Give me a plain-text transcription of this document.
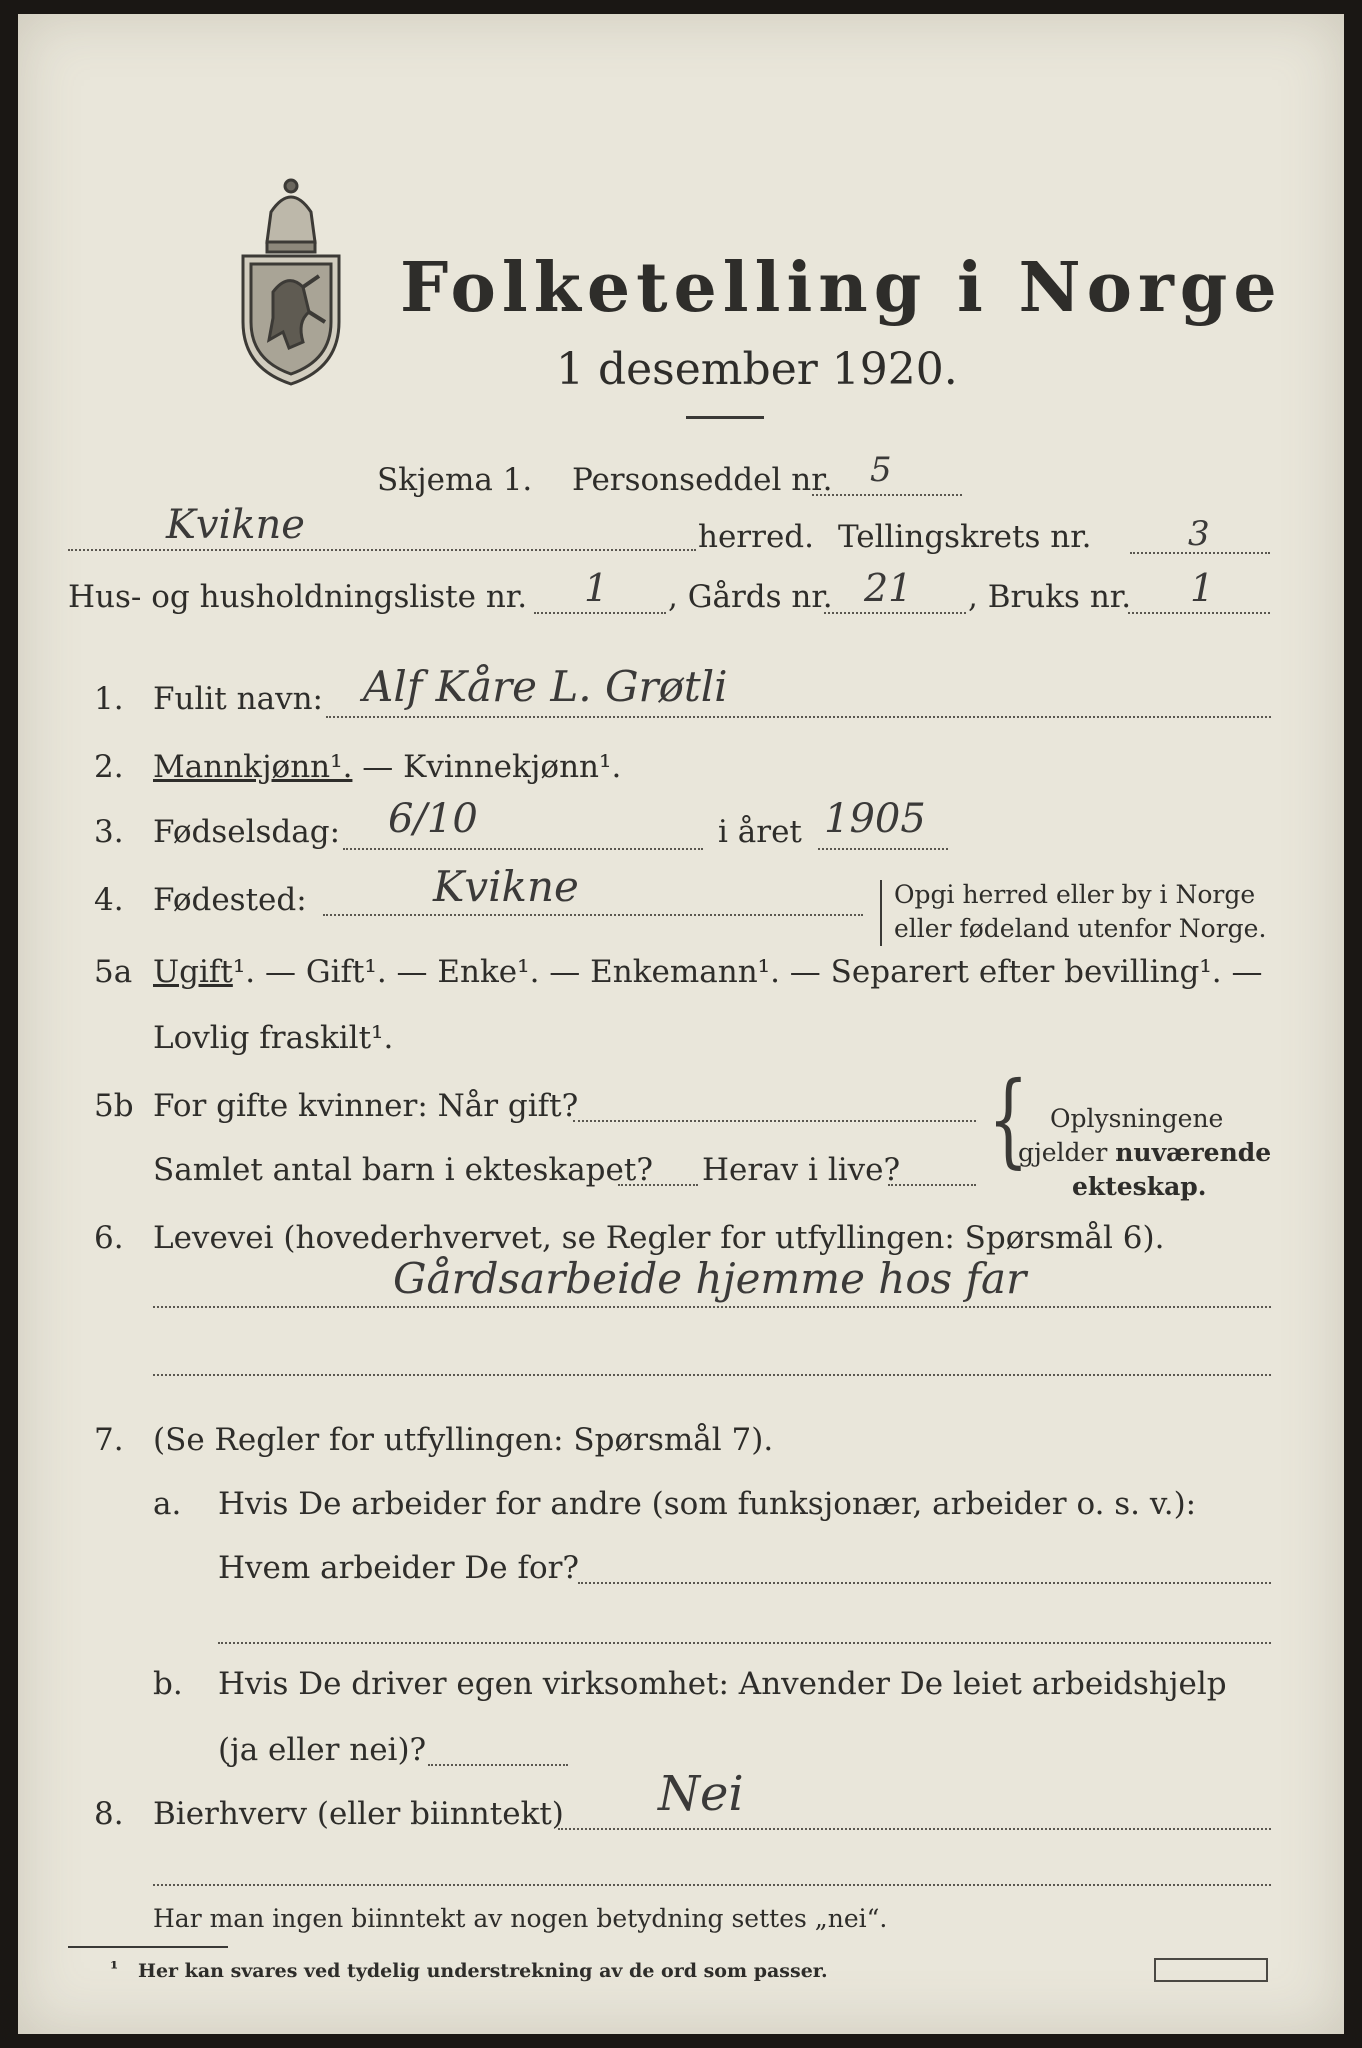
Folketelling i Norge
1 desember 1920.
Skjema 1. Personseddel nr. 5
Kvikne	herred. Tellingskrets nr.	3
Hus- og husholdningsliste nr. 1 , Gårds nr. 21 , Bruks nr. 1
1. Fulit navn: Alf Kåre L. Grøtli
2. Mannkjønn¹. — Kvinnekjønn¹.
3. Fødselsdag: 6/10	i året 1905
4. Fødested:	Kvikne	Opgi herred eller by i Norge
eller fødeland utenfor Norge.
5a Ugift¹. — Gift¹. — Enke¹. — Enkemann¹. — Separert efter bevilling¹. —
Lovlig fraskilt¹.
5b For gifte kvinner: Når gift?
Samlet antal barn i ekteskapet? Herav i live? { Oplysningene
gjelder nuværende
ekteskap.
6. Levevei (hovederhvervet, se Regler for utfyllingen: Spørsmål 6).
Gårdsarbeide hjemme hos far
7. (Se Regler for utfyllingen: Spørsmål 7).
a. Hvis De arbeider for andre (som funksjonær, arbeider o. s. v.):
Hvem arbeider De for?
b. Hvis De driver egen virksomhet: Anvender De leiet arbeidshjelp
(ja eller nei)?
8. Bierhverv (eller biinntekt) Nei
Har man ingen biinntekt av nogen betydning settes „nei“.
¹ Her kan svares ved tydelig understrekning av de ord som passer.
